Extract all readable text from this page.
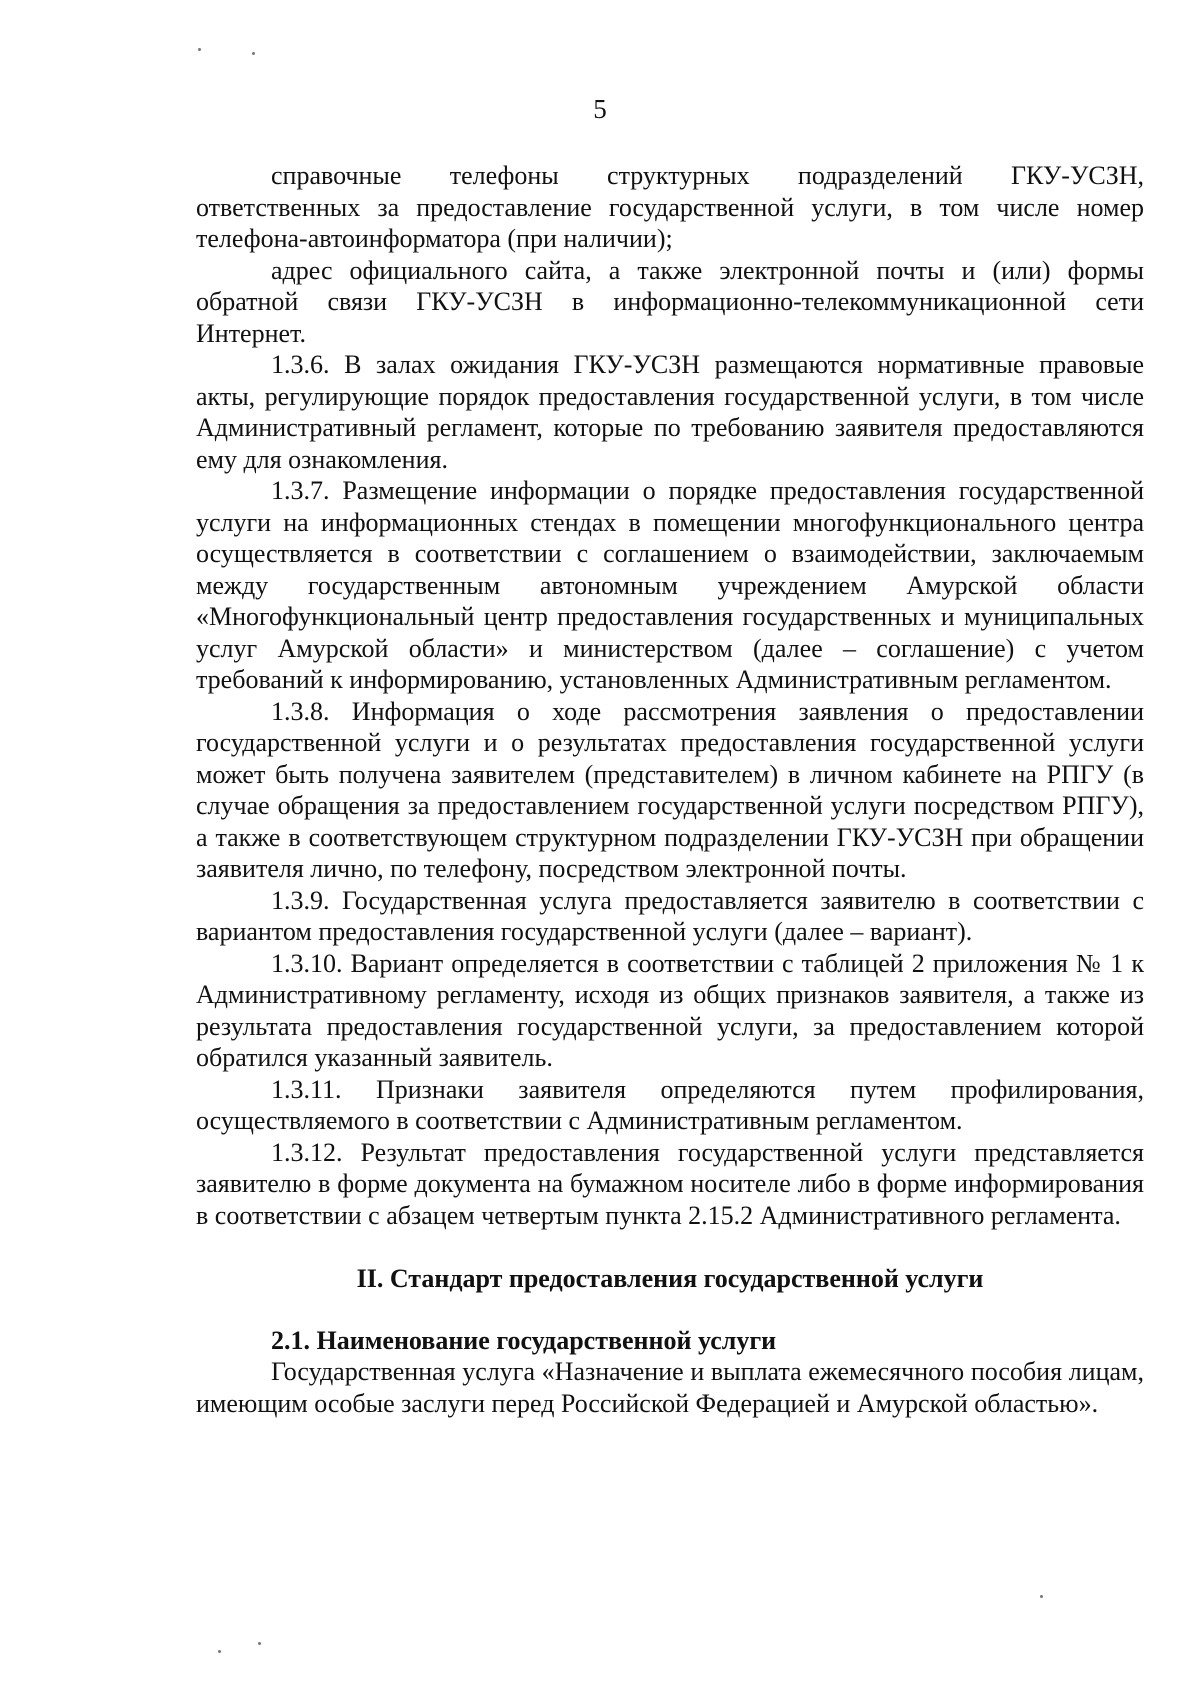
5

справочные телефоны структурных подразделений ГКУ-УСЗН, ответственных за предоставление государственной услуги, в том числе номер телефона-автоинформатора (при наличии);

адрес официального сайта, а также электронной почты и (или) формы обратной связи ГКУ-УСЗН в информационно-телекоммуникационной сети Интернет.

1.3.6. В залах ожидания ГКУ-УСЗН размещаются нормативные правовые акты, регулирующие порядок предоставления государственной услуги, в том числе Административный регламент, которые по требованию заявителя предоставляются ему для ознакомления.

1.3.7. Размещение информации о порядке предоставления государственной услуги на информационных стендах в помещении многофункционального центра осуществляется в соответствии с соглашением о взаимодействии, заключаемым между государственным автономным учреждением Амурской области «Многофункциональный центр предоставления государственных и муниципальных услуг Амурской области» и министерством (далее – соглашение) с учетом требований к информированию, установленных Административным регламентом.

1.3.8. Информация о ходе рассмотрения заявления о предоставлении государственной услуги и о результатах предоставления государственной услуги может быть получена заявителем (представителем) в личном кабинете на РПГУ (в случае обращения за предоставлением государственной услуги посредством РПГУ), а также в соответствующем структурном подразделении ГКУ-УСЗН при обращении заявителя лично, по телефону, посредством электронной почты.

1.3.9. Государственная услуга предоставляется заявителю в соответствии с вариантом предоставления государственной услуги (далее – вариант).

1.3.10. Вариант определяется в соответствии с таблицей 2 приложения № 1 к Административному регламенту, исходя из общих признаков заявителя, а также из результата предоставления государственной услуги, за предоставлением которой обратился указанный заявитель.

1.3.11. Признаки заявителя определяются путем профилирования, осуществляемого в соответствии с Административным регламентом.

1.3.12. Результат предоставления государственной услуги представляется заявителю в форме документа на бумажном носителе либо в форме информирования в соответствии с абзацем четвертым пункта 2.15.2 Административного регламента.

II. Стандарт предоставления государственной услуги
2.1. Наименование государственной услуги

Государственная услуга «Назначение и выплата ежемесячного пособия лицам, имеющим особые заслуги перед Российской Федерацией и Амурской областью».
